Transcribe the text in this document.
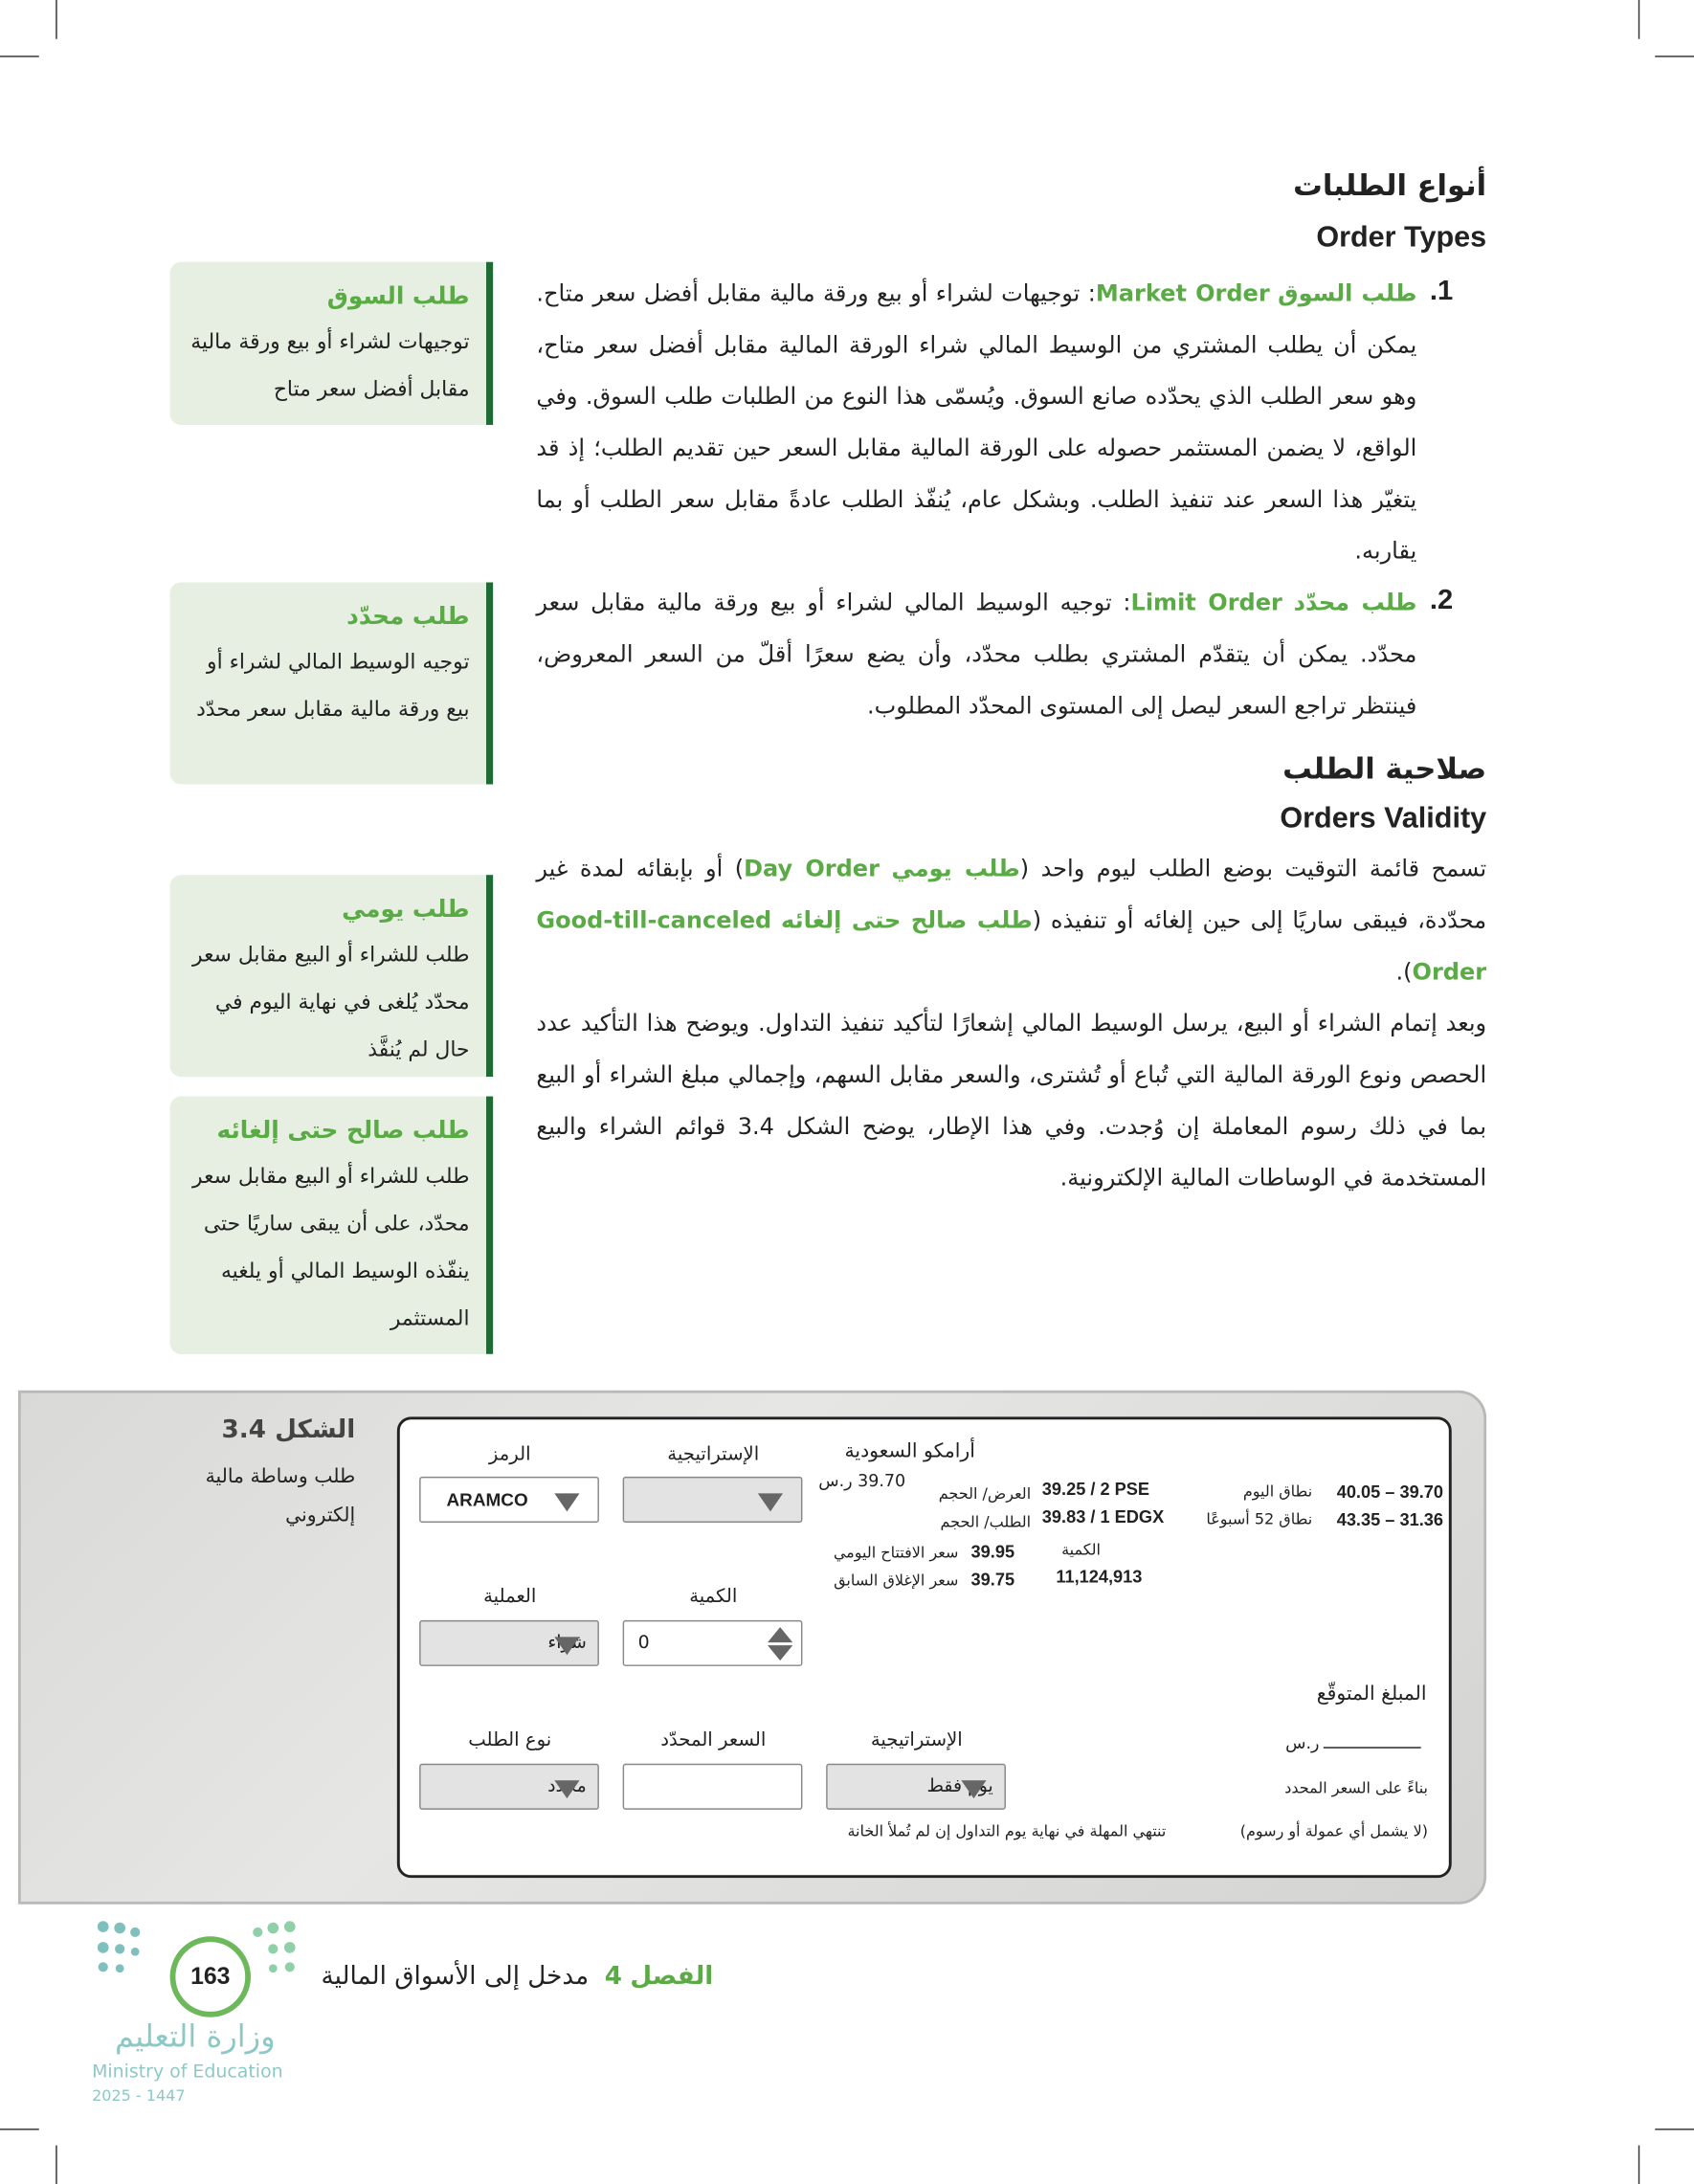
أنواع الطلبات
Order Types
1.
طلب السوق Market Order: توجيهات لشراء أو بيع ورقة مالية مقابل أفضل سعر متاح. يمكن أن يطلب المشتري من الوسيط المالي شراء الورقة المالية مقابل أفضل سعر متاح، وهو سعر الطلب الذي يحدّده صانع السوق. ويُسمّى هذا النوع من الطلبات طلب السوق. وفي الواقع، لا يضمن المستثمر حصوله على الورقة المالية مقابل السعر حين تقديم الطلب؛ إذ قد يتغيّر هذا السعر عند تنفيذ الطلب. وبشكل عام، يُنفّذ الطلب عادةً مقابل سعر الطلب أو بما يقاربه.
2.
طلب محدّد Limit Order: توجيه الوسيط المالي لشراء أو بيع ورقة مالية مقابل سعر محدّد. يمكن أن يتقدّم المشتري بطلب محدّد، وأن يضع سعرًا أقلّ من السعر المعروض، فينتظر تراجع السعر ليصل إلى المستوى المحدّد المطلوب.
صلاحية الطلب
Orders Validity
تسمح قائمة التوقيت بوضع الطلب ليوم واحد (طلب يومي Day Order) أو بإبقائه لمدة غير محدّدة، فيبقى ساريًا إلى حين إلغائه أو تنفيذه (طلب صالح حتى إلغائه Good-till-canceled Order).
وبعد إتمام الشراء أو البيع، يرسل الوسيط المالي إشعارًا لتأكيد تنفيذ التداول. ويوضح هذا التأكيد عدد الحصص ونوع الورقة المالية التي تُباع أو تُشترى، والسعر مقابل السهم، وإجمالي مبلغ الشراء أو البيع بما في ذلك رسوم المعاملة إن وُجدت. وفي هذا الإطار، يوضح الشكل 3.4 قوائم الشراء والبيع المستخدمة في الوساطات المالية الإلكترونية.
طلب السوق
توجيهات لشراء أو بيع ورقة مالية مقابل أفضل سعر متاح
طلب محدّد
توجيه الوسيط المالي لشراء أو بيع ورقة مالية مقابل سعر محدّد
طلب يومي
طلب للشراء أو البيع مقابل سعر محدّد يُلغى في نهاية اليوم في حال لم يُنفَّذ
طلب صالح حتى إلغائه
طلب للشراء أو البيع مقابل سعر محدّد، على أن يبقى ساريًا حتى ينفّذه الوسيط المالي أو يلغيه المستثمر
الشكل 3.4
طلب وساطة مالية إلكتروني
الرمز
ARAMCO
الإستراتيجية	أرامكو السعودية
39.70 ر.س	39.25 / 2 PSE
العرض/ الحجم
39.83 / 1 EDGX
الطلب/ الحجم
40.05 – 39.70
نطاق اليوم
43.35 – 31.36
نطاق 52 أسبوعًا
39.95
سعر الافتتاح اليومي
39.75
سعر الإغلاق السابق
الكمية
11,124,913
العملية
شراء
الكمية
0
المبلغ المتوقّع
ر.س
بناءً على السعر المحدد
(لا يشمل أي عمولة أو رسوم)
نوع الطلب
محدد
السعر المحدّد	الإستراتيجية
يوم فقط
تنتهي المهلة في نهاية يوم التداول إن لم تُملأ الخانة
163	الفصل 4  مدخل إلى الأسواق المالية
وزارة التعليم
Ministry of Education
2025 - 1447
